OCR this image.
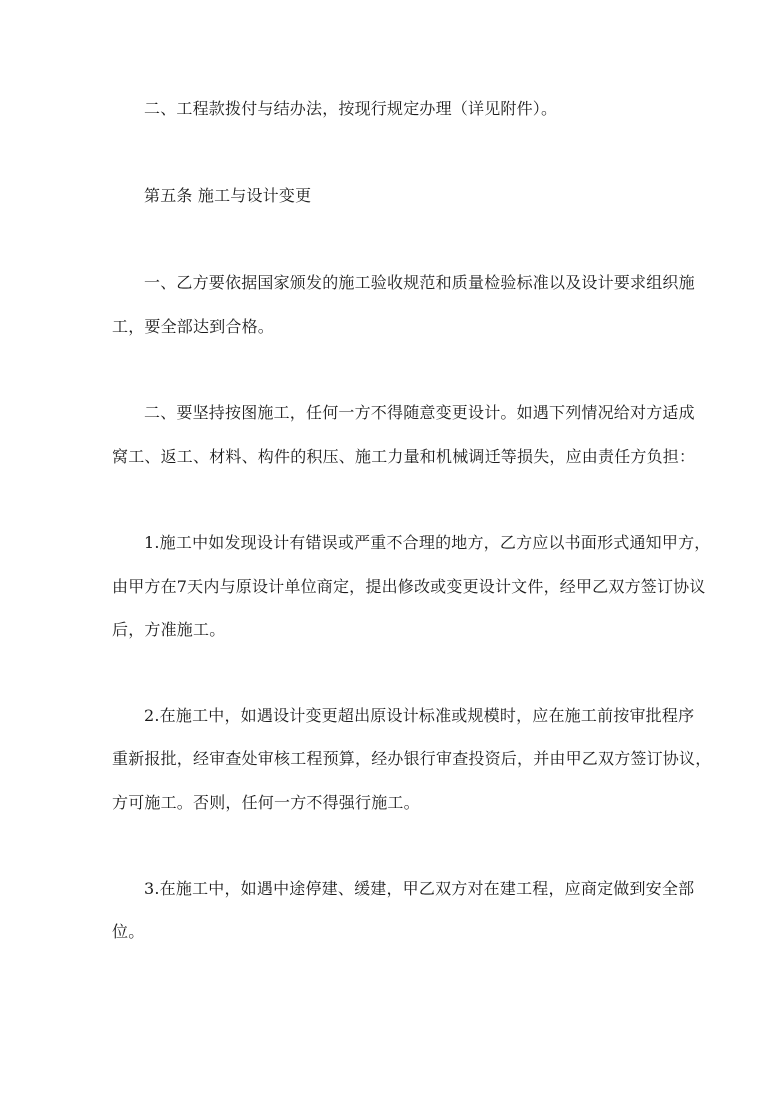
二、工程款拨付与结办法，按现行规定办理（详见附件）。
第五条 施工与设计变更
一、乙方要依据国家颁发的施工验收规范和质量检验标准以及设计要求组织施
工，要全部达到合格。
二、要坚持按图施工，任何一方不得随意变更设计。如遇下列情况给对方适成
窝工、返工、材料、构件的积压、施工力量和机械调迁等损失，应由责任方负担：
1.施工中如发现设计有错误或严重不合理的地方，乙方应以书面形式通知甲方，
由甲方在7天内与原设计单位商定，提出修改或变更设计文件，经甲乙双方签订协议
后，方准施工。
2.在施工中，如遇设计变更超出原设计标准或规模时，应在施工前按审批程序
重新报批，经审查处审核工程预算，经办银行审查投资后，并由甲乙双方签订协议，
方可施工。否则，任何一方不得强行施工。
3.在施工中，如遇中途停建、缓建，甲乙双方对在建工程，应商定做到安全部
位。
